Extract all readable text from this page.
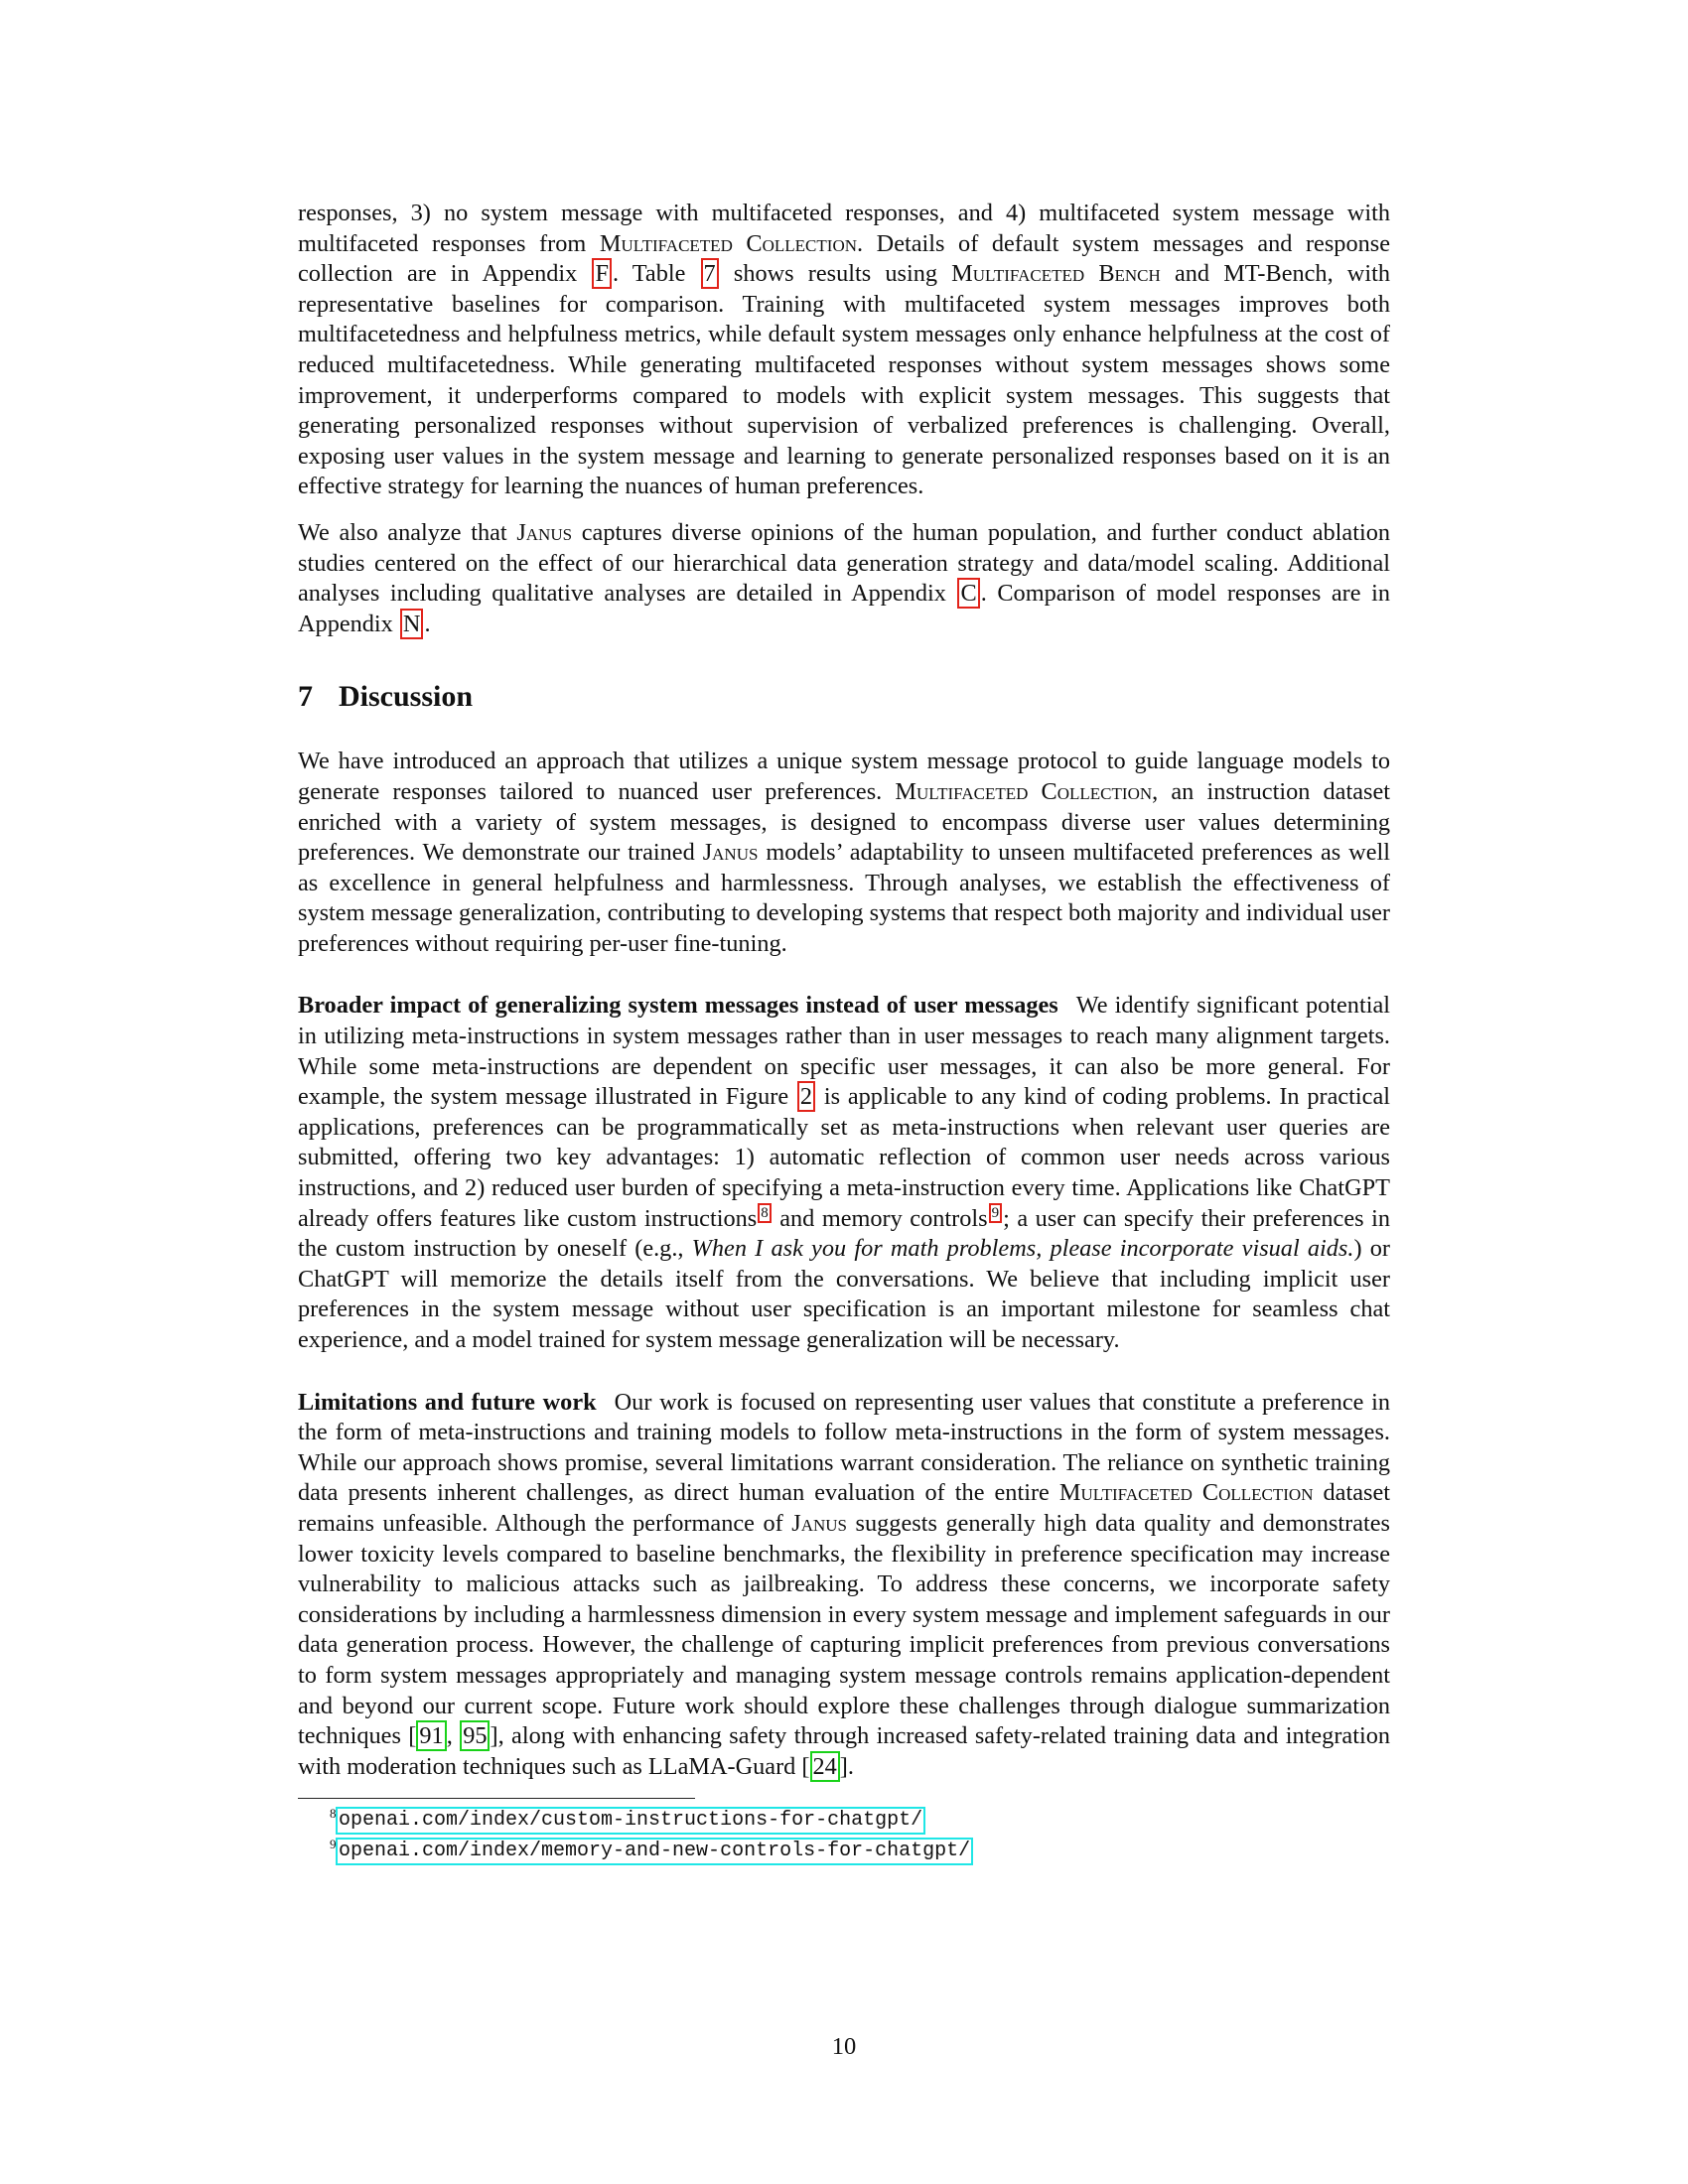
responses, 3) no system message with multifaceted responses, and 4) multifaceted system message with multifaceted responses from Multifaceted Collection. Details of default system messages and response collection are in Appendix F . Table 7 shows results using Multifaceted Bench and MT-Bench, with representative baselines for comparison. Training with multifaceted system messages improves both multifacetedness and helpfulness metrics, while default system messages only enhance helpfulness at the cost of reduced multifacetedness. While generating multifaceted responses without system messages shows some improvement, it underperforms compared to models with explicit system messages. This suggests that generating personalized responses without supervision of verbalized preferences is challenging. Overall, exposing user values in the system message and learning to generate personalized responses based on it is an effective strategy for learning the nuances of human preferences.

We also analyze that Janus captures diverse opinions of the human population, and further conduct ablation studies centered on the effect of our hierarchical data generation strategy and data/model scaling. Additional analyses including qualitative analyses are detailed in Appendix C . Comparison of model responses are in Appendix N .

7 Discussion

We have introduced an approach that utilizes a unique system message protocol to guide language models to generate responses tailored to nuanced user preferences. Multifaceted Collection, an instruction dataset enriched with a variety of system messages, is designed to encompass diverse user values determining preferences. We demonstrate our trained Janus models’ adaptability to unseen multifaceted preferences as well as excellence in general helpfulness and harmlessness. Through analyses, we establish the effectiveness of system message generalization, contributing to developing systems that respect both majority and individual user preferences without requiring per-user fine-tuning.

Broader impact of generalizing system messages instead of user messages We identify significant potential in utilizing meta-instructions in system messages rather than in user messages to reach many alignment targets. While some meta-instructions are dependent on specific user messages, it can also be more general. For example, the system message illustrated in Figure 2 is applicable to any kind of coding problems. In practical applications, preferences can be programmatically set as meta-instructions when relevant user queries are submitted, offering two key advantages: 1) automatic reflection of common user needs across various instructions, and 2) reduced user burden of specifying a meta-instruction every time. Applications like ChatGPT already offers features like custom instructions $^8$ and memory controls $^9$ ; a user can specify their preferences in the custom instruction by oneself (e.g., When I ask you for math problems, please incorporate visual aids.) or ChatGPT will memorize the details itself from the conversations. We believe that including implicit user preferences in the system message without user specification is an important milestone for seamless chat experience, and a model trained for system message generalization will be necessary.

Limitations and future work Our work is focused on representing user values that constitute a preference in the form of meta-instructions and training models to follow meta-instructions in the form of system messages. While our approach shows promise, several limitations warrant consideration. The reliance on synthetic training data presents inherent challenges, as direct human evaluation of the entire Multifaceted Collection dataset remains unfeasible. Although the performance of Janus suggests generally high data quality and demonstrates lower toxicity levels compared to baseline benchmarks, the flexibility in preference specification may increase vulnerability to malicious attacks such as jailbreaking. To address these concerns, we incorporate safety considerations by including a harmlessness dimension in every system message and implement safeguards in our data generation process. However, the challenge of capturing implicit preferences from previous conversations to form system messages appropriately and managing system message controls remains application-dependent and beyond our current scope. Future work should explore these challenges through dialogue summarization techniques [ 91 , 95 ], along with enhancing safety through increased safety-related training data and integration with moderation techniques such as LLaMA-Guard [ 24 ].

8 openai.com/index/custom-instructions-for-chatgpt/
9 openai.com/index/memory-and-new-controls-for-chatgpt/
10
